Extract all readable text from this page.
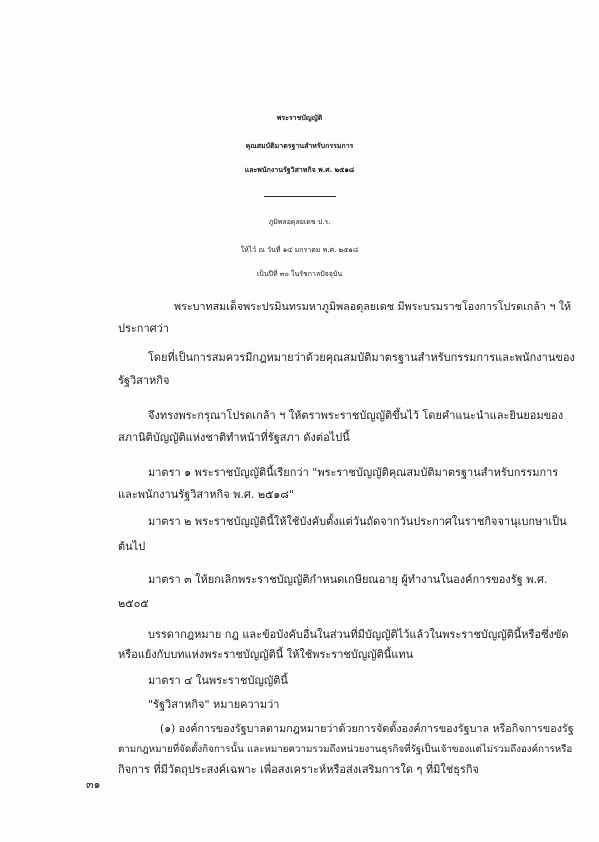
พระราชบัญญัติ
คุณสมบัติมาตรฐานสำหรับกรรมการ
และพนักงานรัฐวิสาหกิจ พ.ศ. ๒๕๑๘
ภูมิพลอดุลยเดช ป.ร.
ให้ไว้ ณ วันที่ ๑๔ มกราคม พ.ศ. ๒๕๑๘
เป็นปีที่ ๓๐ ในรัชกาลปัจจุบัน
พระบาทสมเด็จพระปรมินทรมหาภูมิพลอดุลยเดช มีพระบรมราชโองการโปรดเกล้า ฯ ให้
ประกาศว่า
โดยที่เป็นการสมควรมีกฎหมายว่าด้วยคุณสมบัติมาตรฐานสำหรับกรรมการและพนักงานของ
รัฐวิสาหกิจ
จึงทรงพระกรุณาโปรดเกล้า ฯ ให้ตราพระราชบัญญัติขึ้นไว้ โดยคำแนะนำและยินยอมของ
สภานิติบัญญัติแห่งชาติทำหน้าที่รัฐสภา ดังต่อไปนี้
มาตรา ๑ พระราชบัญญัตินี้เรียกว่า "พระราชบัญญัติคุณสมบัติมาตรฐานสำหรับกรรมการ
และพนักงานรัฐวิสาหกิจ พ.ศ. ๒๕๑๘"
มาตรา ๒ พระราชบัญญัตินี้ให้ใช้บังคับตั้งแต่วันถัดจากวันประกาศในราชกิจจานุเบกษาเป็น
ต้นไป
มาตรา ๓ ให้ยกเลิกพระราชบัญญัติกำหนดเกษียณอายุ ผู้ทำงานในองค์การของรัฐ พ.ศ.
๒๕๐๕
บรรดากฎหมาย กฎ และข้อบังคับอื่นในส่วนที่มีบัญญัติไว้แล้วในพระราชบัญญัตินี้หรือซึ่งขัด
หรือแย้งกับบทแห่งพระราชบัญญัตินี้ ให้ใช้พระราชบัญญัตินี้แทน
มาตรา ๔ ในพระราชบัญญัตินี้
"รัฐวิสาหกิจ" หมายความว่า
(๑) องค์การของรัฐบาลตามกฎหมายว่าด้วยการจัดตั้งองค์การของรัฐบาล หรือกิจการของรัฐ
ตามกฎหมายที่จัดตั้งกิจการนั้น และหมายความรวมถึงหน่วยงานธุรกิจที่รัฐเป็นเจ้าของแต่ไม่รวมถึงองค์การหรือ
กิจการ ที่มีวัตถุประสงค์เฉพาะ เพื่อสงเคราะห์หรือส่งเสริมการใด ๆ ที่มิใช่ธุรกิจ
๓๑
